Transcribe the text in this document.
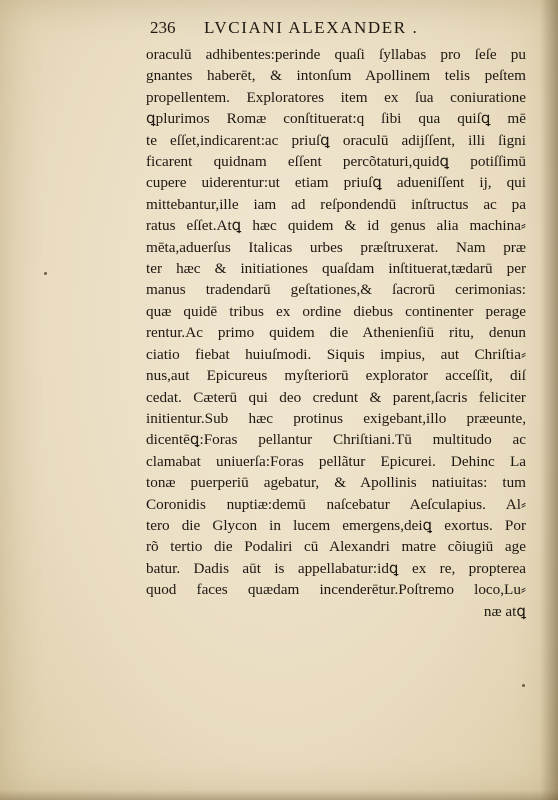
236 LVCIANI ALEXANDER .
oraculū adhibentes:perinde quaſi ſyllabas pro ſeſe pu
gnantes haberēt, & intonſum Apollinem telis peſtem
propellentem. Exploratores item ex ſua coniuratione
ꝗplurimos Romæ conſtituerat:q ſibi qua quiſꝗ mē
te eſſet,indicarent:ac priuſꝗ oraculū adijſſent, illi ſigni
ficarent quidnam eſſent percõtaturi,quidꝗ potiſſimū
cupere uiderentur:ut etiam priuſꝗ adueniſſent ij, qui
mittebantur,ille iam ad reſpondendū inſtructus ac pa
ratus eſſet.Atꝗ hæc quidem & id genus alia machina⸗
mēta,aduerſus Italicas urbes præſtruxerat. Nam præ
ter hæc & initiationes quaſdam inſtituerat,tædarū per
manus tradendarū geſtationes,& ſacrorū cerimonias:
quæ quidē tribus ex ordine diebus continenter perage
rentur.Ac primo quidem die Athenienſiū ritu, denun
ciatio fiebat huiuſmodi. Siquis impius, aut Chriſtia⸗
nus,aut Epicureus myſteriorū explorator acceſſit, diſ
cedat. Cæterū qui deo credunt & parent,ſacris feliciter
initientur.Sub hæc protinus exigebant,illo præeunte,
dicentēꝗ:Foras pellantur Chriſtiani.Tū multitudo ac
clamabat uniuerſa:Foras pellãtur Epicurei. Dehinc La
tonæ puerperiū agebatur, & Apollinis natiuitas: tum
Coronidis nuptiæ:demū naſcebatur Aeſculapius. Al⸗
tero die Glycon in lucem emergens,deiꝗ exortus. Por
rõ tertio die Podaliri cū Alexandri matre cõiugiū age
batur. Dadis aūt is appellabatur:idꝗ ex re, propterea
quod faces quædam incenderētur.Poſtremo loco,Lu⸗
næ atꝗ
